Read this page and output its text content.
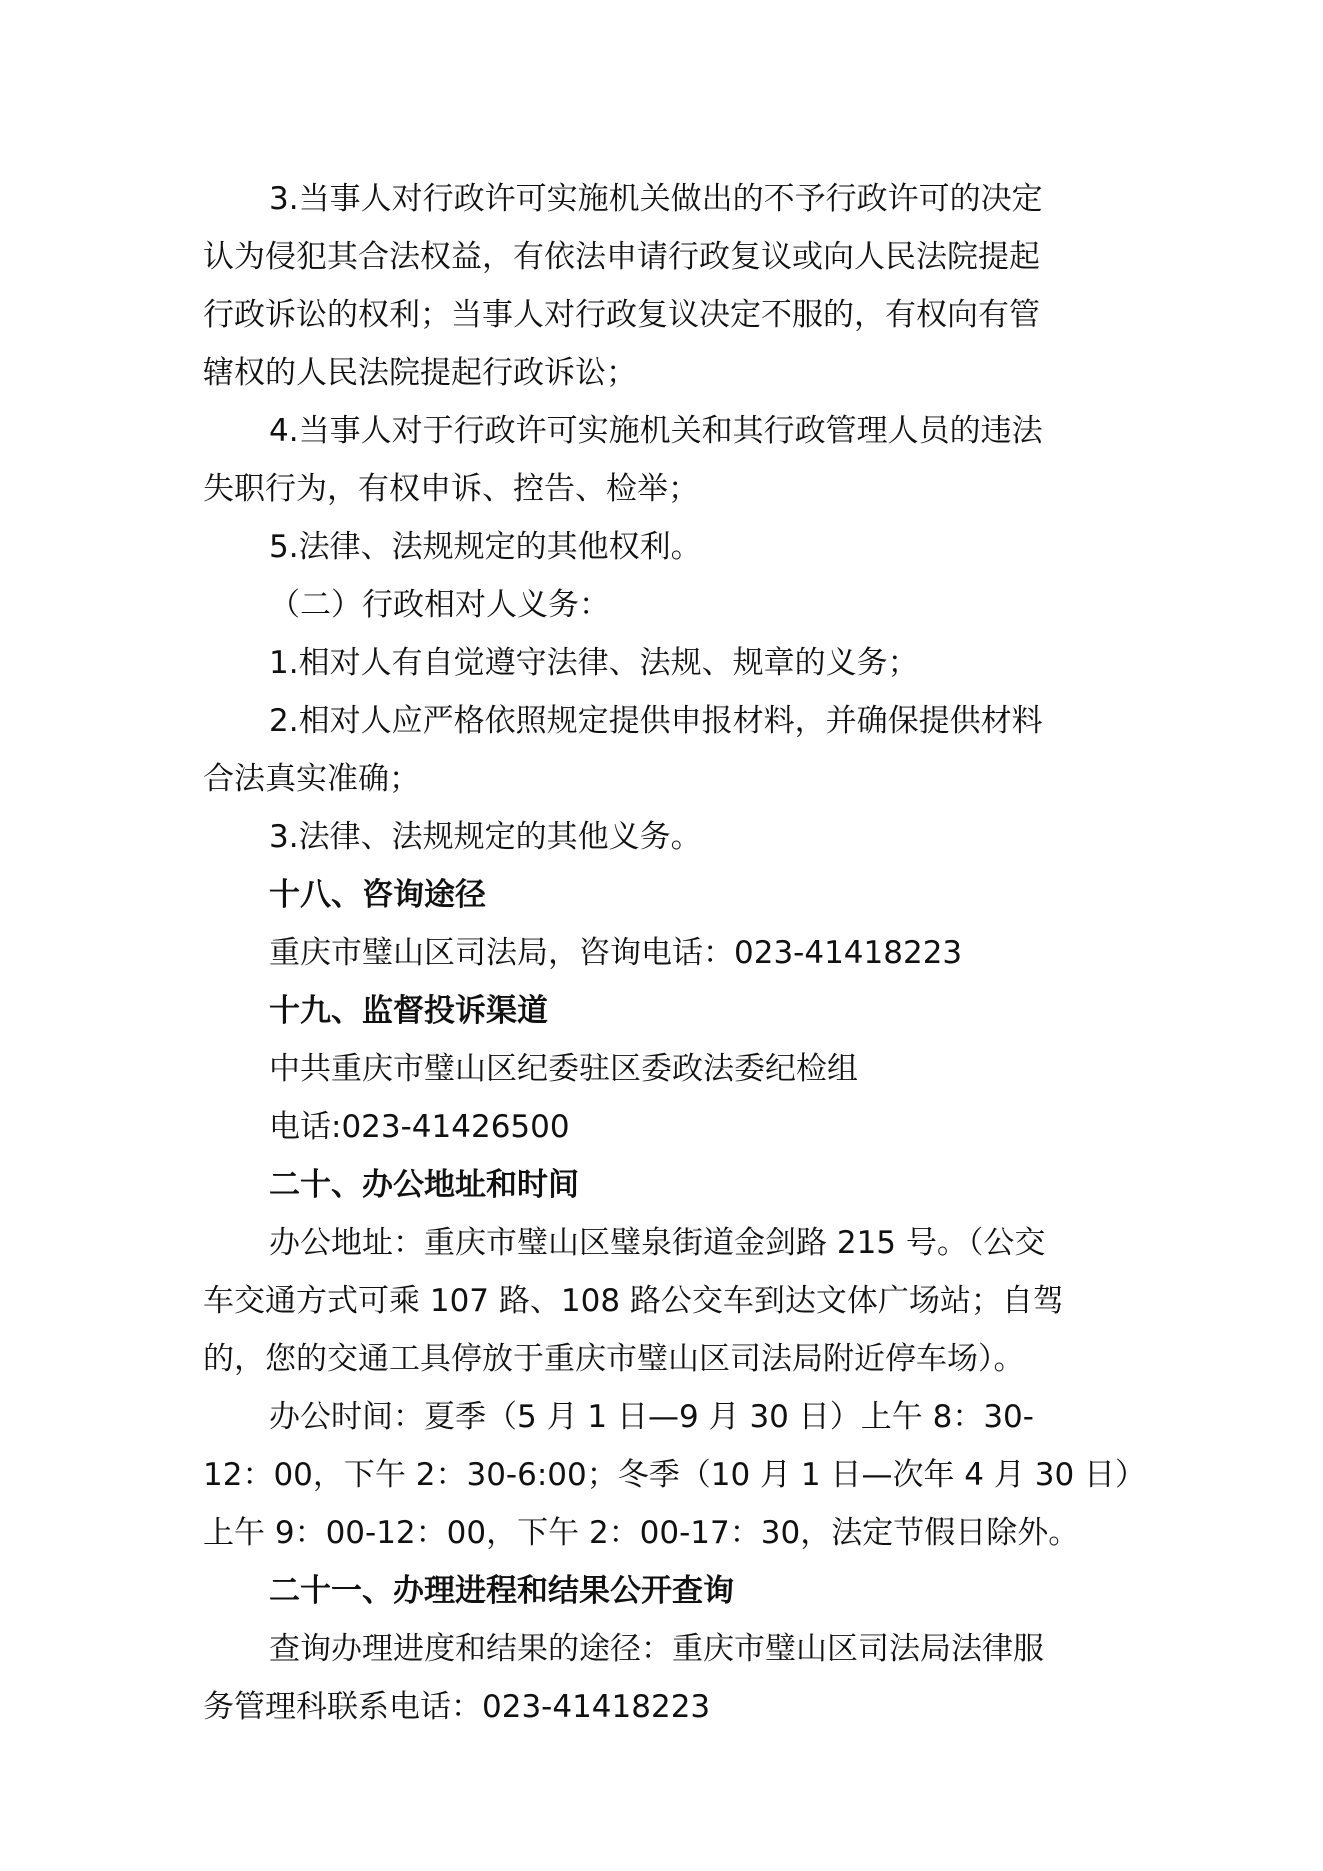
3.当事人对行政许可实施机关做出的不予行政许可的决定

认为侵犯其合法权益，有依法申请行政复议或向人民法院提起

行政诉讼的权利；当事人对行政复议决定不服的，有权向有管

辖权的人民法院提起行政诉讼；

4.当事人对于行政许可实施机关和其行政管理人员的违法

失职行为，有权申诉、控告、检举；

5.法律、法规规定的其他权利。

（二）行政相对人义务：

1.相对人有自觉遵守法律、法规、规章的义务；

2.相对人应严格依照规定提供申报材料，并确保提供材料

合法真实准确；

3.法律、法规规定的其他义务。

十八、咨询途径

重庆市璧山区司法局，咨询电话：023-41418223

十九、监督投诉渠道

中共重庆市璧山区纪委驻区委政法委纪检组

电话:023-41426500

二十、办公地址和时间

办公地址：重庆市璧山区璧泉街道金剑路 215 号。（公交

车交通方式可乘 107 路、108 路公交车到达文体广场站；自驾

的，您的交通工具停放于重庆市璧山区司法局附近停车场）。

办公时间：夏季（5 月 1 日—9 月 30 日）上午 8：30-

12：00，下午 2：30-6:00；冬季（10 月 1 日—次年 4 月 30 日）

上午 9：00-12：00，下午 2：00-17：30，法定节假日除外。

二十一、办理进程和结果公开查询

查询办理进度和结果的途径：重庆市璧山区司法局法律服

务管理科联系电话：023-41418223
